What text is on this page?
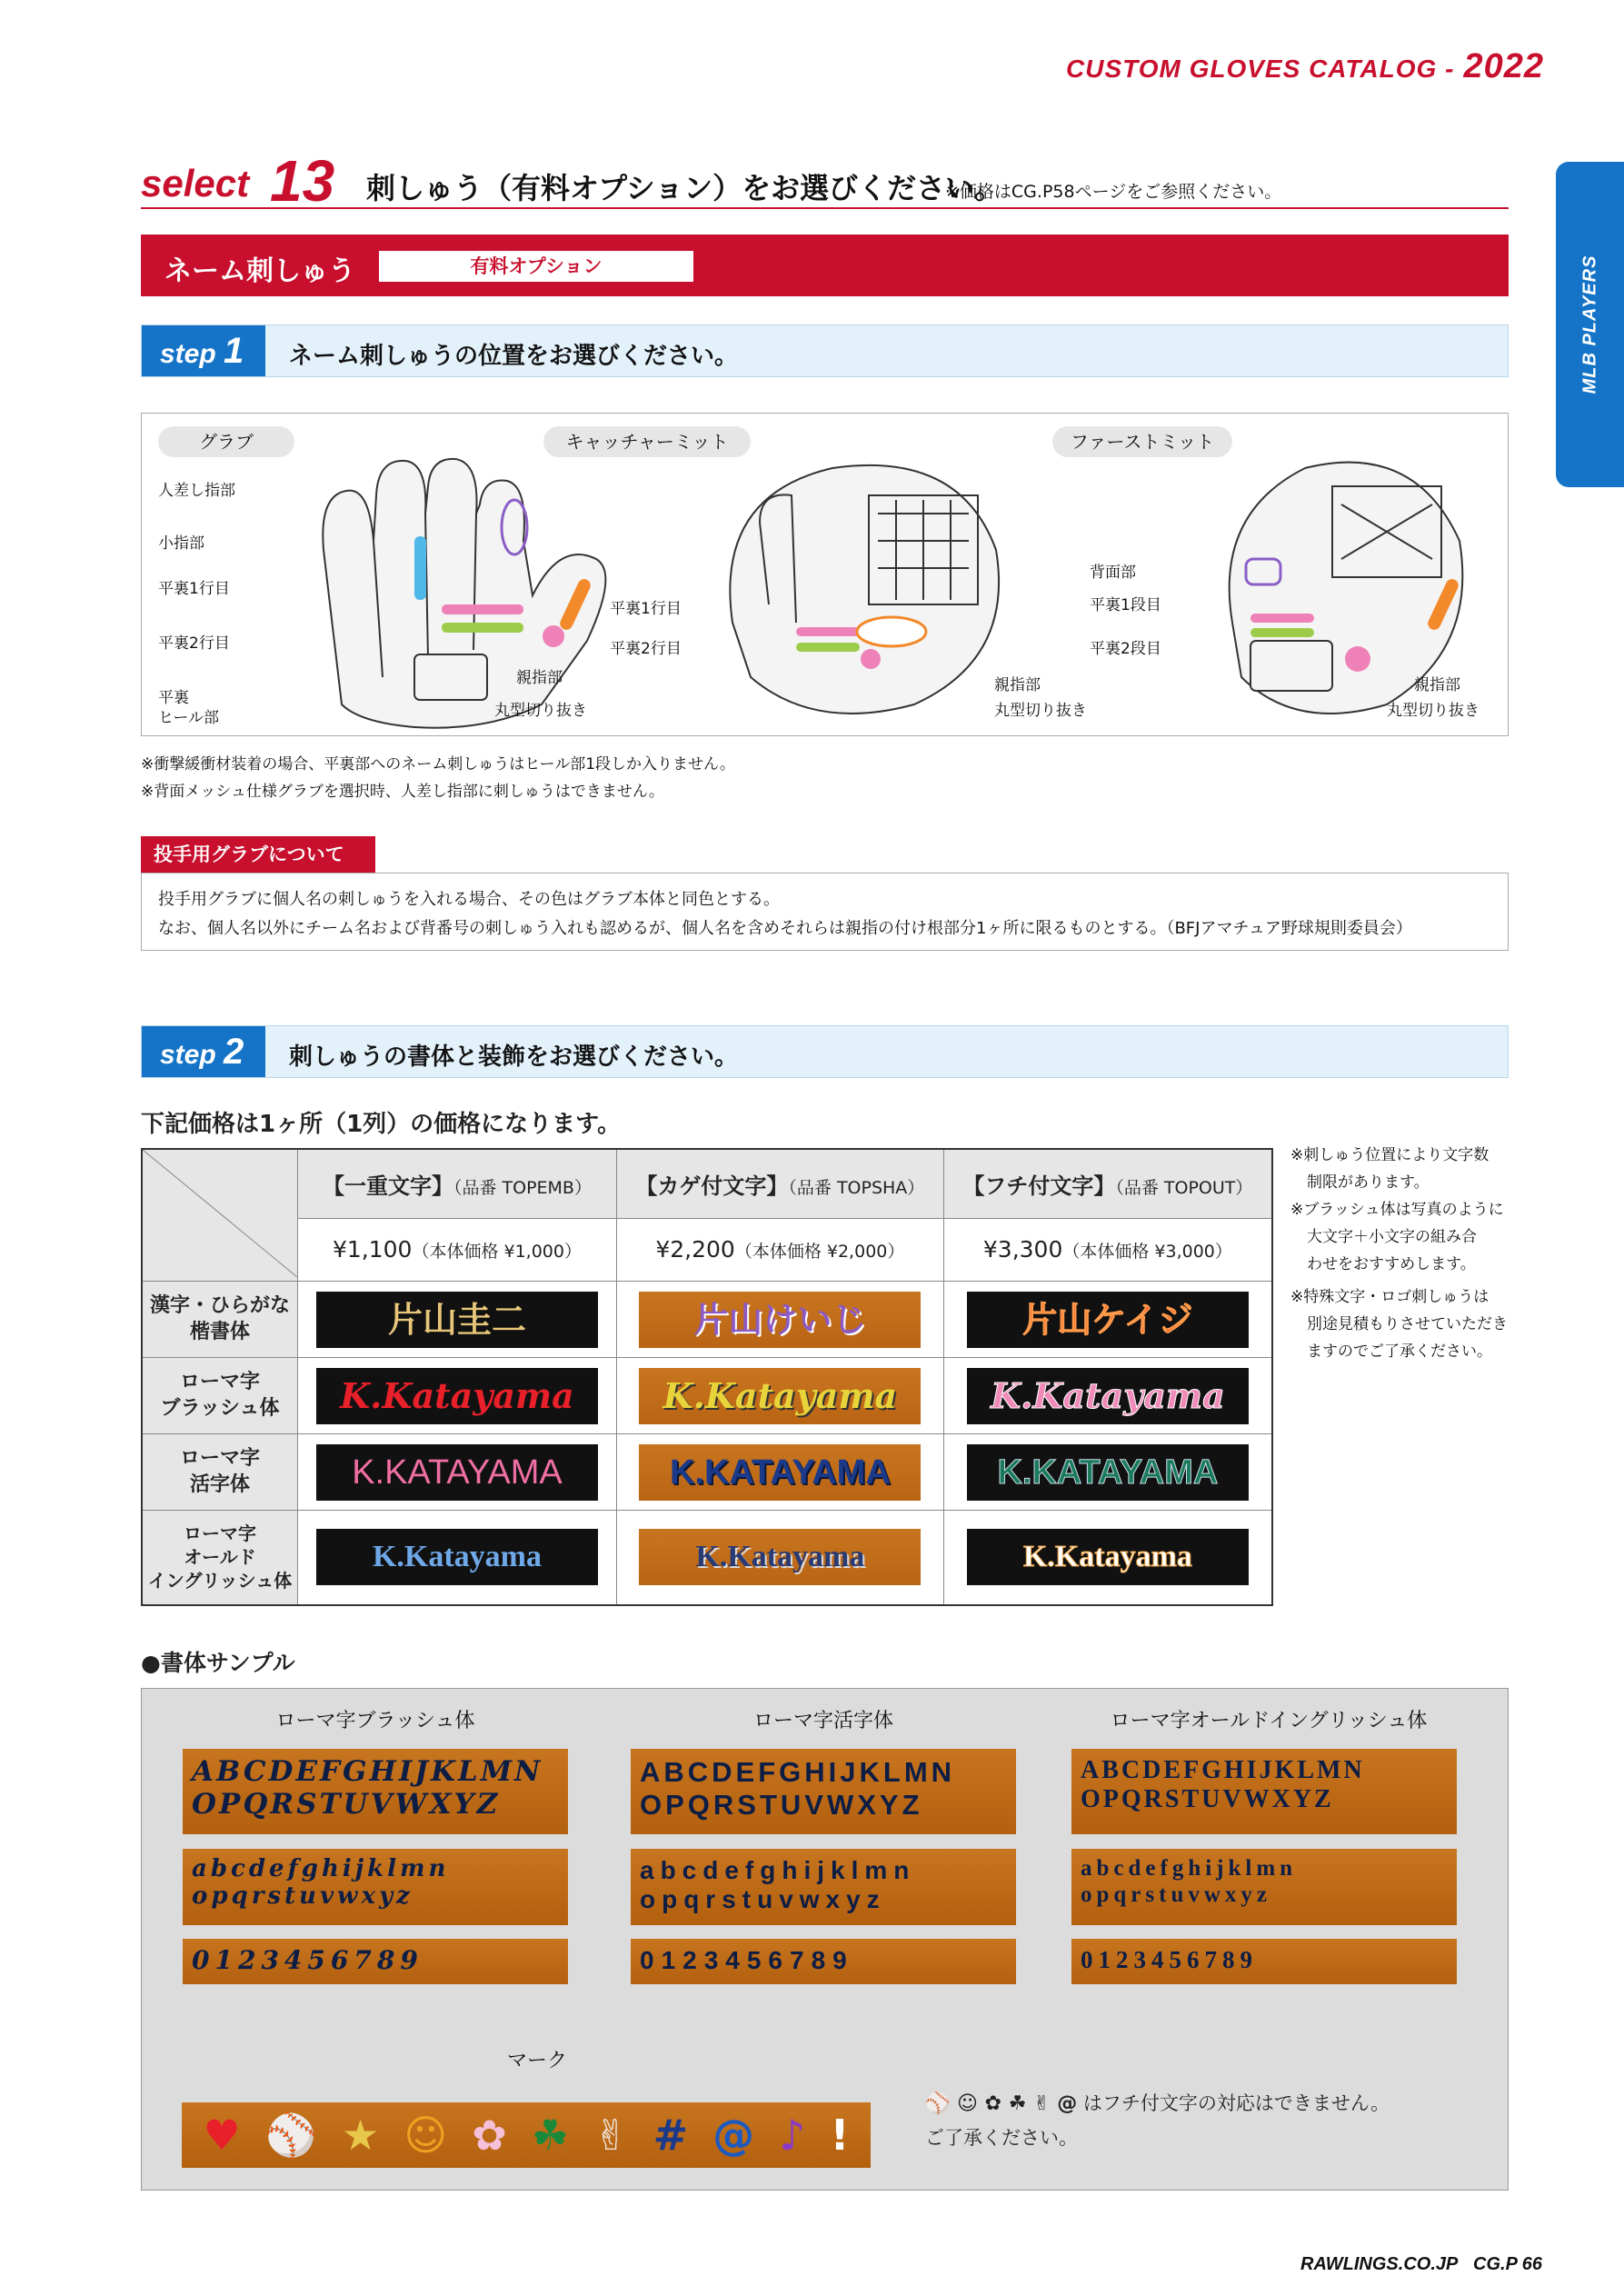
CUSTOM GLOVES CATALOG - 2022
MLB PLAYERS
select 13 刺しゅう（有料オプション）をお選びください。
※価格はCG.P58ページをご参照ください。
ネーム刺しゅう	有料オプション
step 1	ネーム刺しゅうの位置をお選びください。
グラブ
人差し指部
小指部
平裏1行目
平裏2行目
平裏
ヒール部
親指部
丸型切り抜き
キャッチャーミット
平裏1行目
平裏2行目
親指部
丸型切り抜き
ファーストミット
背面部
平裏1段目
平裏2段目
親指部
丸型切り抜き
※衝撃緩衝材装着の場合、平裏部へのネーム刺しゅうはヒール部1段しか入りません。
※背面メッシュ仕様グラブを選択時、人差し指部に刺しゅうはできません。
投手用グラブについて

投手用グラブに個人名の刺しゅうを入れる場合、その色はグラブ本体と同色とする。

なお、個人名以外にチーム名および背番号の刺しゅう入れも認めるが、個人名を含めそれらは親指の付け根部分1ヶ所に限るものとする。（BFJアマチュア野球規則委員会）

step 2	刺しゅうの書体と装飾をお選びください。
下記価格は1ヶ所（1列）の価格になります。
	【一重文字】（品番 TOPEMB）	【カゲ付文字】（品番 TOPSHA）	【フチ付文字】（品番 TOPOUT）
	¥1,100（本体価格 ¥1,000）	¥2,200（本体価格 ¥2,000）	¥3,300（本体価格 ¥3,000）

漢字・ひらがな
楷書体	片山圭二	片山けいじ	片山ケイジ

ローマ字
ブラッシュ体	K.Katayama	K.Katayama	K.Katayama

ローマ字
活字体	K.KATAYAMA	K.KATAYAMA	K.KATAYAMA

ローマ字
オールド
イングリッシュ体	K.Katayama	K.Katayama	K.Katayama
※刺しゅう位置により文字数
制限があります。
※ブラッシュ体は写真のように
大文字＋小文字の組み合
わせをおすすめします。
※特殊文字・ロゴ刺しゅうは
別途見積もりさせていただき
ますのでご了承ください。
●書体サンプル
ローマ字ブラッシュ体	ローマ字活字体	ローマ字オールドイングリッシュ体
ABCDEFGHIJKLMN
OPQRSTUVWXYZ
abcdefghijklmn
opqrstuvwxyz
0123456789
ABCDEFGHIJKLMN
OPQRSTUVWXYZ
abcdefghijklmn
opqrstuvwxyz
0123456789
ABCDEFGHIJKLMN
OPQRSTUVWXYZ
abcdefghijklmn
opqrstuvwxyz
0123456789
マーク
♥ ⚾ ★ ☺ ✿ ☘ ✌ # @ ♪ !
⚾ ☺ ✿ ☘ ✌ @ はフチ付文字の対応はできません。
ご了承ください。
RAWLINGS.CO.JP CG.P 66
